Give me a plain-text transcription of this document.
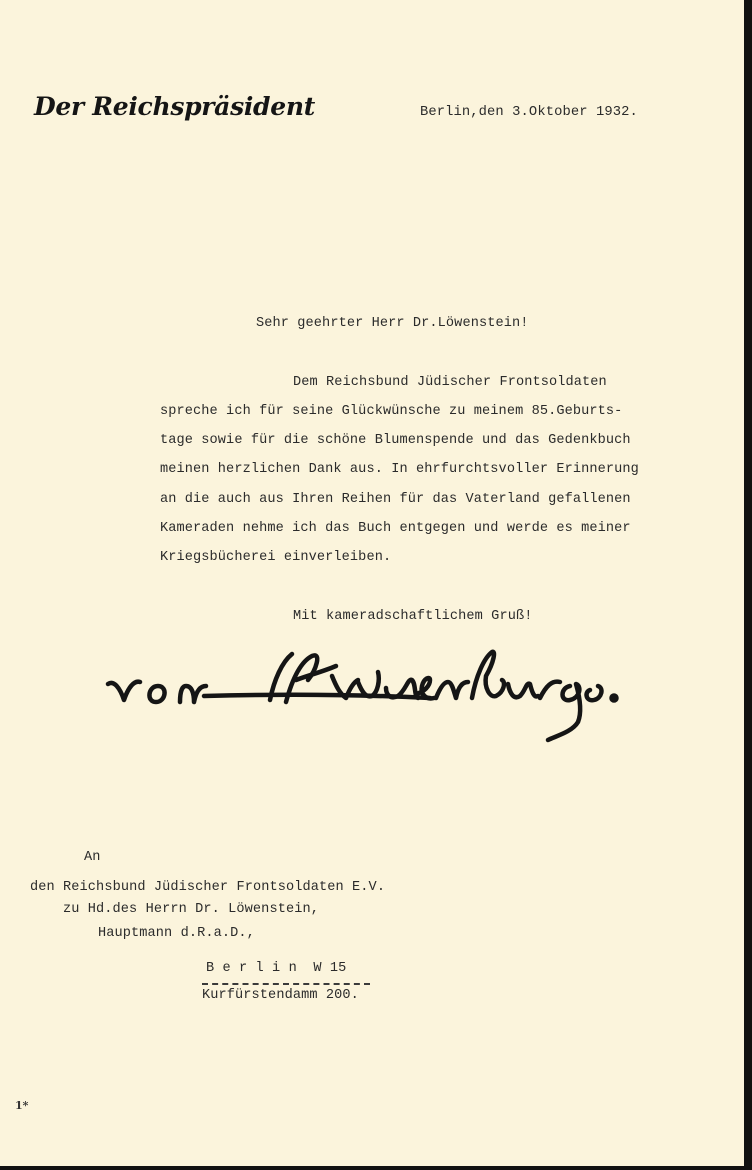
Der Reichspräsident	Berlin,den 3.Oktober 1932.
Sehr geehrter Herr Dr.Löwenstein!
Dem Reichsbund Jüdischer Frontsoldaten
spreche ich für seine Glückwünsche zu meinem 85.Geburts-
tage sowie für die schöne Blumenspende und das Gedenkbuch
meinen herzlichen Dank aus. In ehrfurchtsvoller Erinnerung
an die auch aus Ihren Reihen für das Vaterland gefallenen
Kameraden nehme ich das Buch entgegen und werde es meiner
Kriegsbücherei einverleiben.
Mit kameradschaftlichem Gruß!
An
den Reichsbund Jüdischer Frontsoldaten E.V.
zu Hd.des Herrn Dr. Löwenstein,
Hauptmann d.R.a.D.,
B e r l i n  W 15
Kurfürstendamm 200.
1*
